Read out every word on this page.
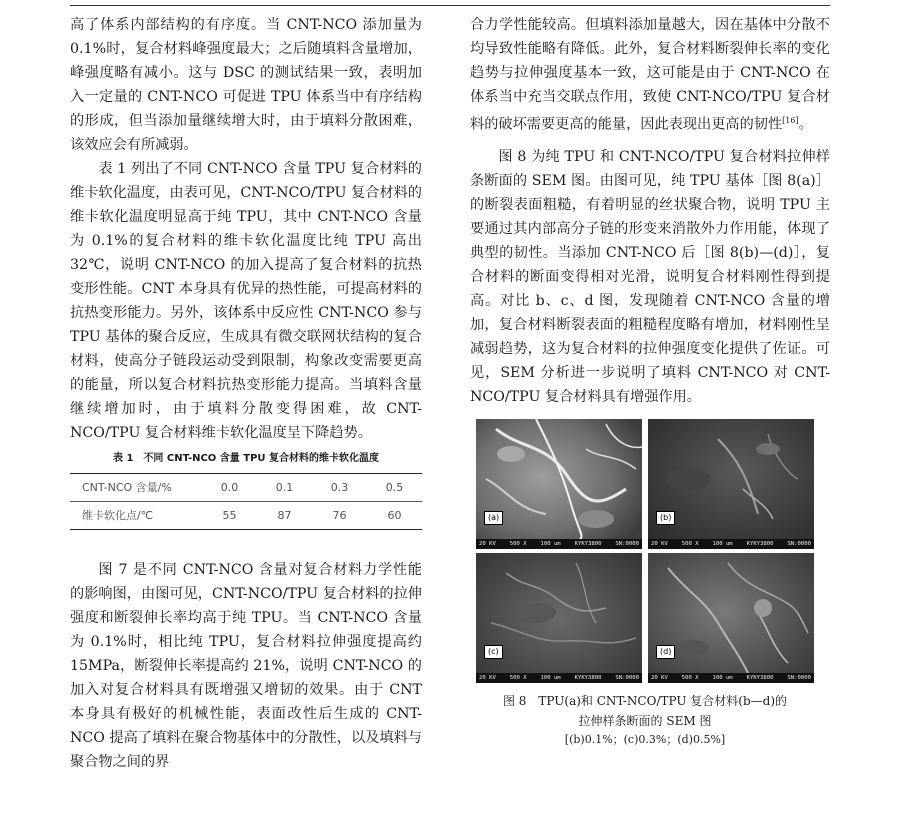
高了体系内部结构的有序度。当 CNT-NCO 添加量为 0.1%时，复合材料峰强度最大；之后随填料含量增加，峰强度略有减小。这与 DSC 的测试结果一致，表明加入一定量的 CNT-NCO 可促进 TPU 体系当中有序结构的形成，但当添加量继续增大时，由于填料分散困难，该效应会有所减弱。

表 1 列出了不同 CNT-NCO 含量 TPU 复合材料的维卡软化温度，由表可见，CNT-NCO/TPU 复合材料的维卡软化温度明显高于纯 TPU，其中 CNT-NCO 含量为 0.1%的复合材料的维卡软化温度比纯 TPU 高出 32℃，说明 CNT-NCO 的加入提高了复合材料的抗热变形性能。CNT 本身具有优异的热性能，可提高材料的抗热变形能力。另外，该体系中反应性 CNT-NCO 参与 TPU 基体的聚合反应，生成具有微交联网状结构的复合材料，使高分子链段运动受到限制，构象改变需要更高的能量，所以复合材料抗热变形能力提高。当填料含量继续增加时，由于填料分散变得困难，故 CNT-NCO/TPU 复合材料维卡软化温度呈下降趋势。

表 1　不同 CNT-NCO 含量 TPU 复合材料的维卡软化温度
CNT-NCO 含量/%	0.0	0.1	0.3	0.5
维卡软化点/℃	55	87	76	60

图 7 是不同 CNT-NCO 含量对复合材料力学性能的影响图，由图可见，CNT-NCO/TPU 复合材料的拉伸强度和断裂伸长率均高于纯 TPU。当 CNT-NCO 含量为 0.1%时，相比纯 TPU，复合材料拉伸强度提高约 15MPa，断裂伸长率提高约 21%，说明 CNT-NCO 的加入对复合材料具有既增强又增韧的效果。由于 CNT 本身具有极好的机械性能，表面改性后生成的 CNT-NCO 提高了填料在聚合物基体中的分散性，以及填料与聚合物之间的界

合力学性能较高。但填料添加量越大，因在基体中分散不均导致性能略有降低。此外，复合材料断裂伸长率的变化趋势与拉伸强度基本一致，这可能是由于 CNT-NCO 在体系当中充当交联点作用，致使 CNT-NCO/TPU 复合材料的破坏需要更高的能量，因此表现出更高的韧性[16]。

图 8 为纯 TPU 和 CNT-NCO/TPU 复合材料拉伸样条断面的 SEM 图。由图可见，纯 TPU 基体［图 8(a)］的断裂表面粗糙，有着明显的丝状聚合物，说明 TPU 主要通过其内部高分子链的形变来消散外力作用能，体现了典型的韧性。当添加 CNT-NCO 后［图 8(b)—(d)］，复合材料的断面变得相对光滑，说明复合材料刚性得到提高。对比 b、c、d 图，发现随着 CNT-NCO 含量的增加，复合材料断裂表面的粗糙程度略有增加，材料刚性呈减弱趋势，这为复合材料的拉伸强度变化提供了佐证。可见，SEM 分析进一步说明了填料 CNT-NCO 对 CNT-NCO/TPU 复合材料具有增强作用。

(a)
20 KV 500 X 100 um KYKY3800 SN:0000
(b)
20 KV 500 X 100 um KYKY3800 SN:0000
(c)
20 KV 500 X 100 um KYKY3800 SN:0000
(d)
20 KV 500 X 100 um KYKY3800 SN:0000
图 8　TPU(a)和 CNT-NCO/TPU 复合材料(b—d)的
拉伸样条断面的 SEM 图
[(b)0.1%；(c)0.3%；(d)0.5%]
